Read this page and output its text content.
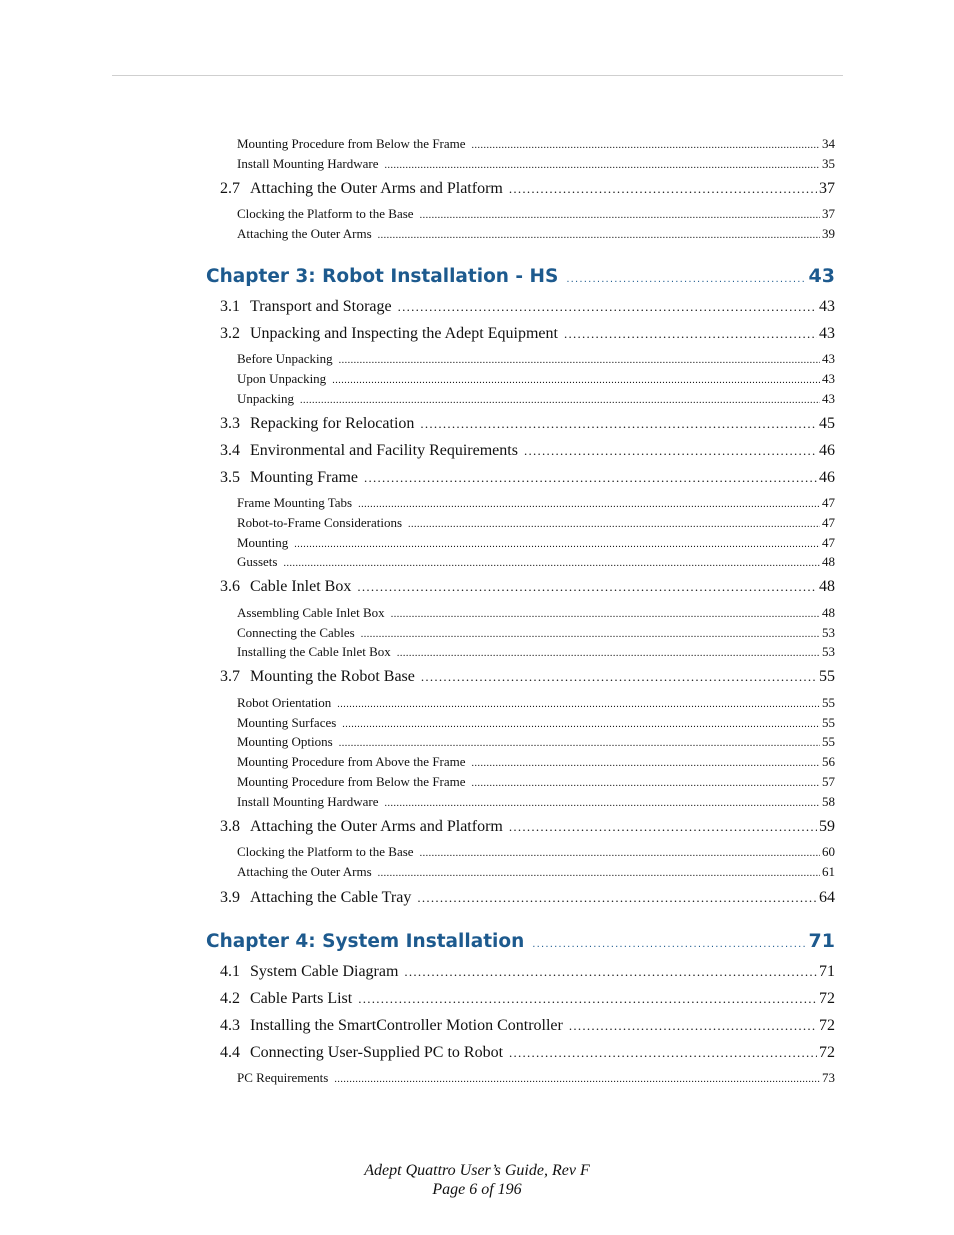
Mounting Procedure from Below the Frame . . .	34
Install Mounting Hardware . . .	35
2.7 Attaching the Outer Arms and Platform . . .	37
Clocking the Platform to the Base . . .	37
Attaching the Outer Arms . . .	39
Chapter 3: Robot Installation - HS . . .	43
3.1 Transport and Storage . . .	43
3.2 Unpacking and Inspecting the Adept Equipment . . .	43
Before Unpacking . . .	43
Upon Unpacking . . .	43
Unpacking . . .	43
3.3 Repacking for Relocation . . .	45
3.4 Environmental and Facility Requirements . . .	46
3.5 Mounting Frame . . .	46
Frame Mounting Tabs . . .	47
Robot-to-Frame Considerations . . .	47
Mounting . . .	47
Gussets . . .	48
3.6 Cable Inlet Box . . .	48
Assembling Cable Inlet Box . . .	48
Connecting the Cables . . .	53
Installing the Cable Inlet Box . . .	53
3.7 Mounting the Robot Base . . .	55
Robot Orientation . . .	55
Mounting Surfaces . . .	55
Mounting Options . . .	55
Mounting Procedure from Above the Frame . . .	56
Mounting Procedure from Below the Frame . . .	57
Install Mounting Hardware . . .	58
3.8 Attaching the Outer Arms and Platform . . .	59
Clocking the Platform to the Base . . .	60
Attaching the Outer Arms . . .	61
3.9 Attaching the Cable Tray . . .	64
Chapter 4: System Installation . . .	71
4.1 System Cable Diagram . . .	71
4.2 Cable Parts List . . .	72
4.3 Installing the SmartController Motion Controller . . .	72
4.4 Connecting User-Supplied PC to Robot . . .	72
PC Requirements . . .	73
Adept Quattro User’s Guide, Rev F
Page 6 of 196
